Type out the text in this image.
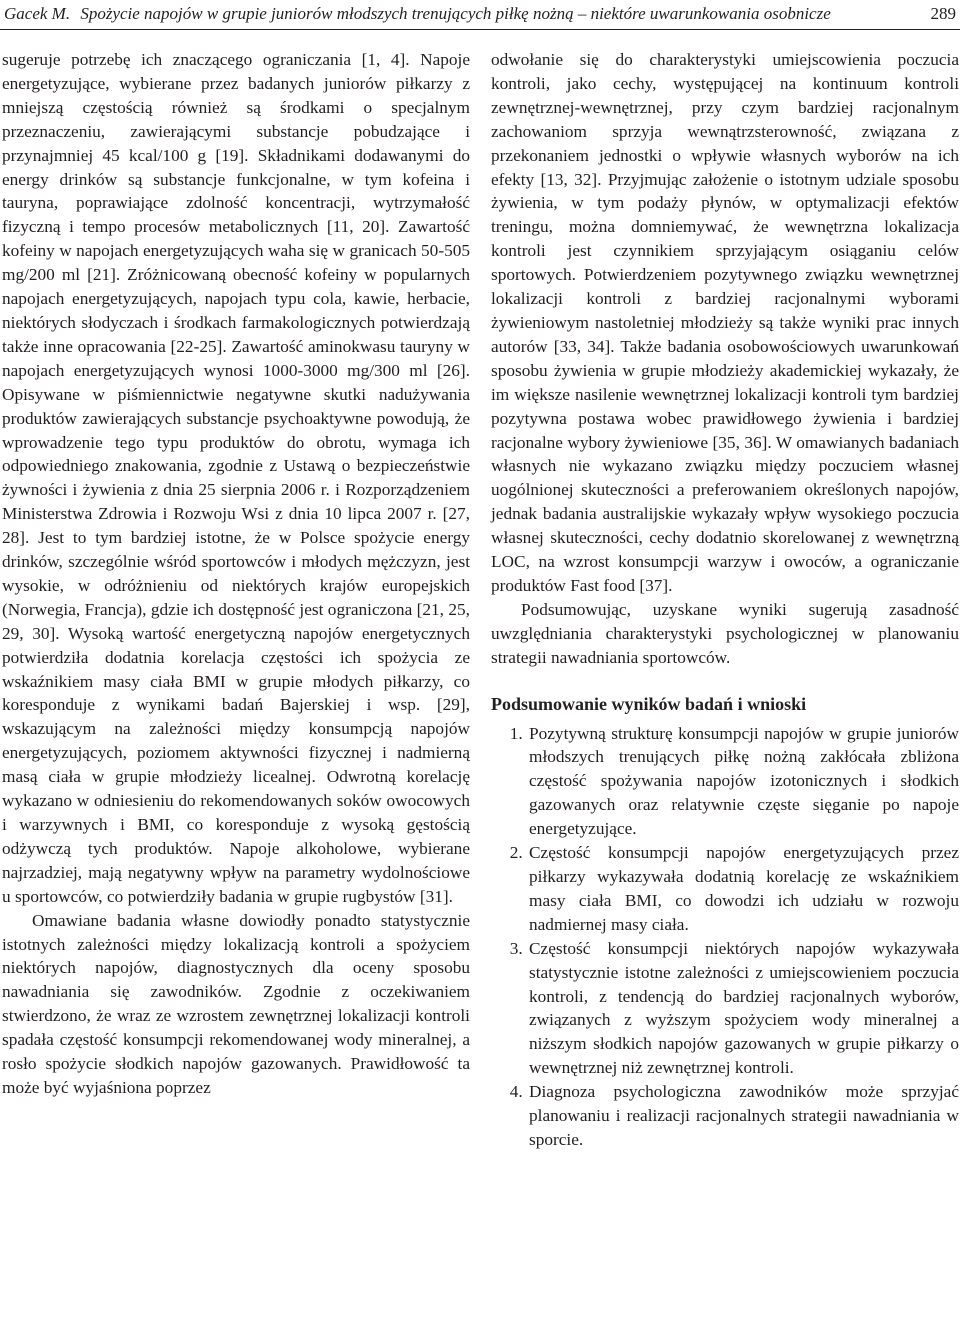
Gacek M. Spożycie napojów w grupie juniorów młodszych trenujących piłkę nożną – niektóre uwarunkowania osobnicze	289

sugeruje potrzebę ich znaczącego ograniczania [1, 4]. Napoje energetyzujące, wybierane przez badanych juniorów piłkarzy z mniejszą częstością również są środkami o specjalnym przeznaczeniu, zawierającymi substancje pobudzające i przynajmniej 45 kcal/100 g [19]. Składnikami dodawanymi do energy drinków są substancje funkcjonalne, w tym kofeina i tauryna, poprawiające zdolność koncentracji, wytrzymałość fizyczną i tempo procesów metabolicznych [11, 20]. Zawartość kofeiny w napojach energetyzujących waha się w granicach 50-505 mg/200 ml [21]. Zróżnicowaną obecność kofeiny w popularnych napojach energetyzujących, napojach typu cola, kawie, herbacie, niektórych słodyczach i środkach farmakologicznych potwierdzają także inne opracowania [22-25]. Zawartość aminokwasu tauryny w napojach energetyzujących wynosi 1000-3000 mg/300 ml [26]. Opisywane w piśmiennictwie negatywne skutki nadużywania produktów zawierających substancje psychoaktywne powodują, że wprowadzenie tego typu produktów do obrotu, wymaga ich odpowiedniego znakowania, zgodnie z Ustawą o bezpieczeństwie żywności i żywienia z dnia 25 sierpnia 2006 r. i Rozporządzeniem Ministerstwa Zdrowia i Rozwoju Wsi z dnia 10 lipca 2007 r. [27, 28]. Jest to tym bardziej istotne, że w Polsce spożycie energy drinków, szczególnie wśród sportowców i młodych mężczyzn, jest wysokie, w odróżnieniu od niektórych krajów europejskich (Norwegia, Francja), gdzie ich dostępność jest ograniczona [21, 25, 29, 30]. Wysoką wartość energetyczną napojów energetycznych potwierdziła dodatnia korelacja częstości ich spożycia ze wskaźnikiem masy ciała BMI w grupie młodych piłkarzy, co koresponduje z wynikami badań Bajerskiej i wsp. [29], wskazującym na zależności między konsumpcją napojów energetyzujących, poziomem aktywności fizycznej i nadmierną masą ciała w grupie młodzieży licealnej. Odwrotną korelację wykazano w odniesieniu do rekomendowanych soków owocowych i warzywnych i BMI, co koresponduje z wysoką gęstością odżywczą tych produktów. Napoje alkoholowe, wybierane najrzadziej, mają negatywny wpływ na parametry wydolnościowe u sportowców, co potwierdziły badania w grupie rugbystów [31].

Omawiane badania własne dowiodły ponadto statystycznie istotnych zależności między lokalizacją kontroli a spożyciem niektórych napojów, diagnostycznych dla oceny sposobu nawadniania się zawodników. Zgodnie z oczekiwaniem stwierdzono, że wraz ze wzrostem zewnętrznej lokalizacji kontroli spadała częstość konsumpcji rekomendowanej wody mineralnej, a rosło spożycie słodkich napojów gazowanych. Prawidłowość ta może być wyjaśniona poprzez

odwołanie się do charakterystyki umiejscowienia poczucia kontroli, jako cechy, występującej na kontinuum kontroli zewnętrznej-wewnętrznej, przy czym bardziej racjonalnym zachowaniom sprzyja wewnątrzsterowność, związana z przekonaniem jednostki o wpływie własnych wyborów na ich efekty [13, 32]. Przyjmując założenie o istotnym udziale sposobu żywienia, w tym podaży płynów, w optymalizacji efektów treningu, można domniemywać, że wewnętrzna lokalizacja kontroli jest czynnikiem sprzyjającym osiąganiu celów sportowych. Potwierdzeniem pozytywnego związku wewnętrznej lokalizacji kontroli z bardziej racjonalnymi wyborami żywieniowym nastoletniej młodzieży są także wyniki prac innych autorów [33, 34]. Także badania osobowościowych uwarunkowań sposobu żywienia w grupie młodzieży akademickiej wykazały, że im większe nasilenie wewnętrznej lokalizacji kontroli tym bardziej pozytywna postawa wobec prawidłowego żywienia i bardziej racjonalne wybory żywieniowe [35, 36]. W omawianych badaniach własnych nie wykazano związku między poczuciem własnej uogólnionej skuteczności a preferowaniem określonych napojów, jednak badania australijskie wykazały wpływ wysokiego poczucia własnej skuteczności, cechy dodatnio skorelowanej z wewnętrzną LOC, na wzrost konsumpcji warzyw i owoców, a ograniczanie produktów Fast food [37].

Podsumowując, uzyskane wyniki sugerują zasadność uwzględniania charakterystyki psychologicznej w planowaniu strategii nawadniania sportowców.

Podsumowanie wyników badań i wnioski
1. Pozytywną strukturę konsumpcji napojów w grupie juniorów młodszych trenujących piłkę nożną zakłócała zbliżona częstość spożywania napojów izotonicznych i słodkich gazowanych oraz relatywnie częste sięganie po napoje energetyzujące.
2. Częstość konsumpcji napojów energetyzujących przez piłkarzy wykazywała dodatnią korelację ze wskaźnikiem masy ciała BMI, co dowodzi ich udziału w rozwoju nadmiernej masy ciała.
3. Częstość konsumpcji niektórych napojów wykazywała statystycznie istotne zależności z umiejscowieniem poczucia kontroli, z tendencją do bardziej racjonalnych wyborów, związanych z wyższym spożyciem wody mineralnej a niższym słodkich napojów gazowanych w grupie piłkarzy o wewnętrznej niż zewnętrznej kontroli.
4. Diagnoza psychologiczna zawodników może sprzyjać planowaniu i realizacji racjonalnych strategii nawadniania w sporcie.
